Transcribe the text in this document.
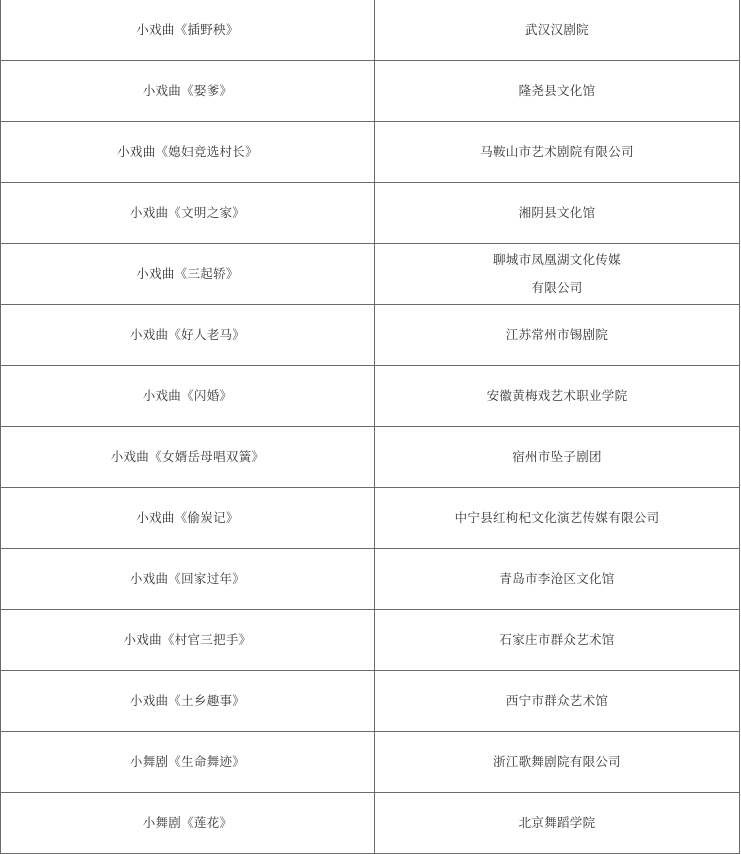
小戏曲《插野秧》	武汉汉剧院

小戏曲《娶爹》	隆尧县文化馆

小戏曲《媳妇竞选村长》	马鞍山市艺术剧院有限公司

小戏曲《文明之家》	湘阴县文化馆

小戏曲《三起轿》	聊城市凤凰湖文化传媒
有限公司

小戏曲《好人老马》	江苏常州市锡剧院

小戏曲《闪婚》	安徽黄梅戏艺术职业学院

小戏曲《女婿岳母唱双簧》	宿州市坠子剧团

小戏曲《偷炭记》	中宁县红枸杞文化演艺传媒有限公司

小戏曲《回家过年》	青岛市李沧区文化馆

小戏曲《村官三把手》	石家庄市群众艺术馆

小戏曲《土乡趣事》	西宁市群众艺术馆

小舞剧《生命舞迹》	浙江歌舞剧院有限公司

小舞剧《莲花》	北京舞蹈学院
